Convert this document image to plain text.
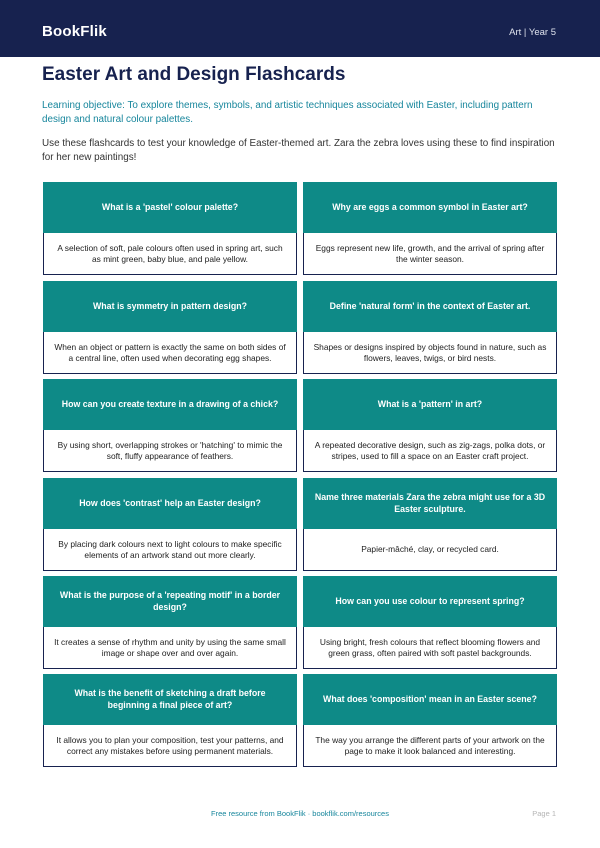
BookFlik	Art | Year 5
Easter Art and Design Flashcards
Learning objective: To explore themes, symbols, and artistic techniques associated with Easter, including pattern design and natural colour palettes.
Use these flashcards to test your knowledge of Easter-themed art. Zara the zebra loves using these to find inspiration for her new paintings!
What is a 'pastel' colour palette?
A selection of soft, pale colours often used in spring art, such as mint green, baby blue, and pale yellow.
Why are eggs a common symbol in Easter art?
Eggs represent new life, growth, and the arrival of spring after the winter season.
What is symmetry in pattern design?
When an object or pattern is exactly the same on both sides of a central line, often used when decorating egg shapes.
Define 'natural form' in the context of Easter art.
Shapes or designs inspired by objects found in nature, such as flowers, leaves, twigs, or bird nests.
How can you create texture in a drawing of a chick?
By using short, overlapping strokes or 'hatching' to mimic the soft, fluffy appearance of feathers.
What is a 'pattern' in art?
A repeated decorative design, such as zig-zags, polka dots, or stripes, used to fill a space on an Easter craft project.
How does 'contrast' help an Easter design?
By placing dark colours next to light colours to make specific elements of an artwork stand out more clearly.
Name three materials Zara the zebra might use for a 3D Easter sculpture.
Papier-mâché, clay, or recycled card.
What is the purpose of a 'repeating motif' in a border design?
It creates a sense of rhythm and unity by using the same small image or shape over and over again.
How can you use colour to represent spring?
Using bright, fresh colours that reflect blooming flowers and green grass, often paired with soft pastel backgrounds.
What is the benefit of sketching a draft before beginning a final piece of art?
It allows you to plan your composition, test your patterns, and correct any mistakes before using permanent materials.
What does 'composition' mean in an Easter scene?
The way you arrange the different parts of your artwork on the page to make it look balanced and interesting.
Free resource from BookFlik · bookflik.com/resources	Page 1
